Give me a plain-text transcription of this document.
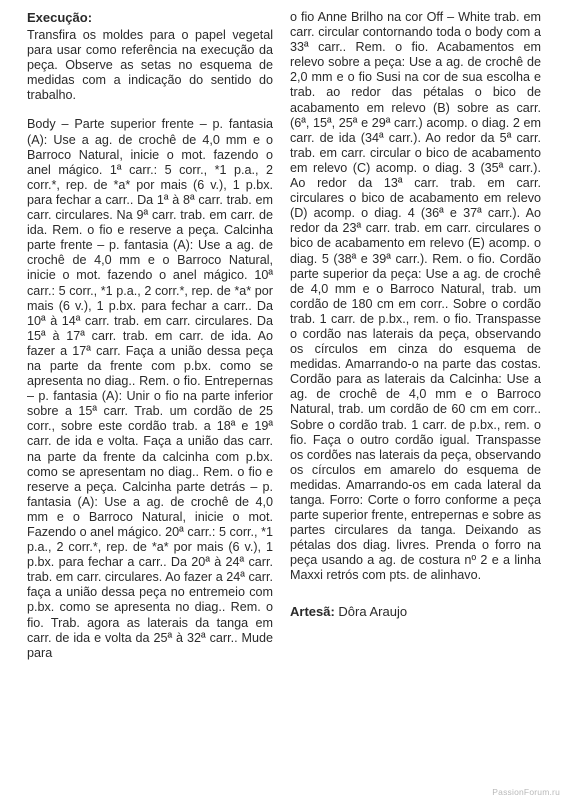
Execução:

Transfira os moldes para o papel vegetal para usar como referência na execução da peça. Observe as setas no esquema de medidas com a indicação do sentido do trabalho.

Body – Parte superior frente – p. fantasia (A): Use a ag. de crochê de 4,0 mm e o Barroco Natural, inicie o mot. fazendo o anel mágico. 1ª carr.: 5 corr., *1 p.a., 2 corr.*, rep. de *a* por mais (6 v.), 1 p.bx. para fechar a carr.. Da 1ª à 8ª carr. trab. em carr. circulares. Na 9ª carr. trab. em carr. de ida. Rem. o fio e reserve a peça. Calcinha parte frente – p. fantasia (A): Use a ag. de crochê de 4,0 mm e o Barroco Natural, inicie o mot. fazendo o anel mágico. 10ª carr.: 5 corr., *1 p.a., 2 corr.*, rep. de *a* por mais (6 v.), 1 p.bx. para fechar a carr.. Da 10ª à 14ª carr. trab. em carr. circulares. Da 15ª à 17ª carr. trab. em carr. de ida. Ao fazer a 17ª carr. Faça a união dessa peça na parte da frente com p.bx. como se apresenta no diag.. Rem. o fio. Entrepernas – p. fantasia (A): Unir o fio na parte inferior sobre a 15ª carr. Trab. um cordão de 25 corr., sobre este cordão trab. a 18ª e 19ª carr. de ida e volta. Faça a união das carr. na parte da frente da calcinha com p.bx. como se apresentam no diag.. Rem. o fio e reserve a peça. Calcinha parte detrás – p. fantasia (A): Use a ag. de crochê de 4,0 mm e o Barroco Natural, inicie o mot. Fazendo o anel mágico. 20ª carr.: 5 corr., *1 p.a., 2 corr.*, rep. de *a* por mais (6 v.), 1 p.bx. para fechar a carr.. Da 20ª à 24ª carr. trab. em carr. circulares. Ao fazer a 24ª carr. faça a união dessa peça no entremeio com p.bx. como se apresenta no diag.. Rem. o fio. Trab. agora as laterais da tanga em carr. de ida e volta da 25ª à 32ª carr.. Mude para

o fio Anne Brilho na cor Off – White trab. em carr. circular contornando toda o body com a 33ª carr.. Rem. o fio. Acabamentos em relevo sobre a peça: Use a ag. de crochê de 2,0 mm e o fio Susi na cor de sua escolha e trab. ao redor das pétalas o bico de acabamento em relevo (B) sobre as carr. (6ª, 15ª, 25ª e 29ª carr.) acomp. o diag. 2 em carr. de ida (34ª carr.). Ao redor da 5ª carr. trab. em carr. circular o bico de acabamento em relevo (C) acomp. o diag. 3 (35ª carr.). Ao redor da 13ª carr. trab. em carr. circulares o bico de acabamento em relevo (D) acomp. o diag. 4 (36ª e 37ª carr.). Ao redor da 23ª carr. trab. em carr. circulares o bico de acabamento em relevo (E) acomp. o diag. 5 (38ª e 39ª carr.). Rem. o fio. Cordão parte superior da peça: Use a ag. de crochê de 4,0 mm e o Barroco Natural, trab. um cordão de 180 cm em corr.. Sobre o cordão trab. 1 carr. de p.bx., rem. o fio. Transpasse o cordão nas laterais da peça, observando os círculos em cinza do esquema de medidas. Amarrando-o na parte das costas. Cordão para as laterais da Calcinha: Use a ag. de crochê de 4,0 mm e o Barroco Natural, trab. um cordão de 60 cm em corr.. Sobre o cordão trab. 1 carr. de p.bx., rem. o fio. Faça o outro cordão igual. Transpasse os cordões nas laterais da peça, observando os círculos em amarelo do esquema de medidas. Amarrando-os em cada lateral da tanga. Forro: Corte o forro conforme a peça parte superior frente, entrepernas e sobre as partes circulares da tanga. Deixando as pétalas dos diag. livres. Prenda o forro na peça usando a ag. de costura nº 2 e a linha Maxxi retrós com pts. de alinhavo.

Artesã: Dôra Araujo
PassionForum.ru
